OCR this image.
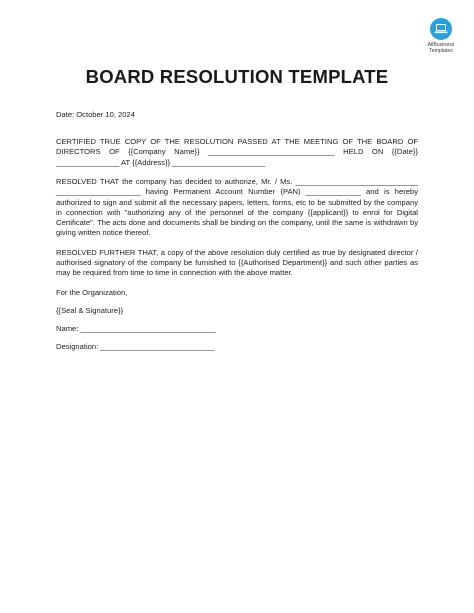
AllBusiness
Templates
BOARD RESOLUTION TEMPLATE

Date: October 10, 2024

CERTIFIED TRUE COPY OF THE RESOLUTION PASSED AT THE MEETING OF THE BOARD OF DIRECTORS OF {{Company Name}} ______________________________ HELD ON {{Date}} _______________ AT {{Address}} ______________________

RESOLVED THAT the company has decided to authorize, Mr. / Ms. _____________________________ ____________________ having Permanent Account Number (PAN) _____________ and is hereby authorized to sign and submit all the necessary papers, letters, forms, etc to be submitted by the company in connection with "authorizing any of the personnel of the company {{applicant}} to enrol for Digital Certificate". The acts done and documents shall be binding on the company, until the same is withdrawn by giving written notice thereof.

RESOLVED FURTHER THAT, a copy of the above resolution duly certified as true by designated director / authorised signatory of the company be furnished to {{Authorised Department}} and such other parties as may be required from time to time in connection with the above matter.

For the Organization,

{{Seal & Signature}}

Name: ________________________________

Designation: ___________________________
